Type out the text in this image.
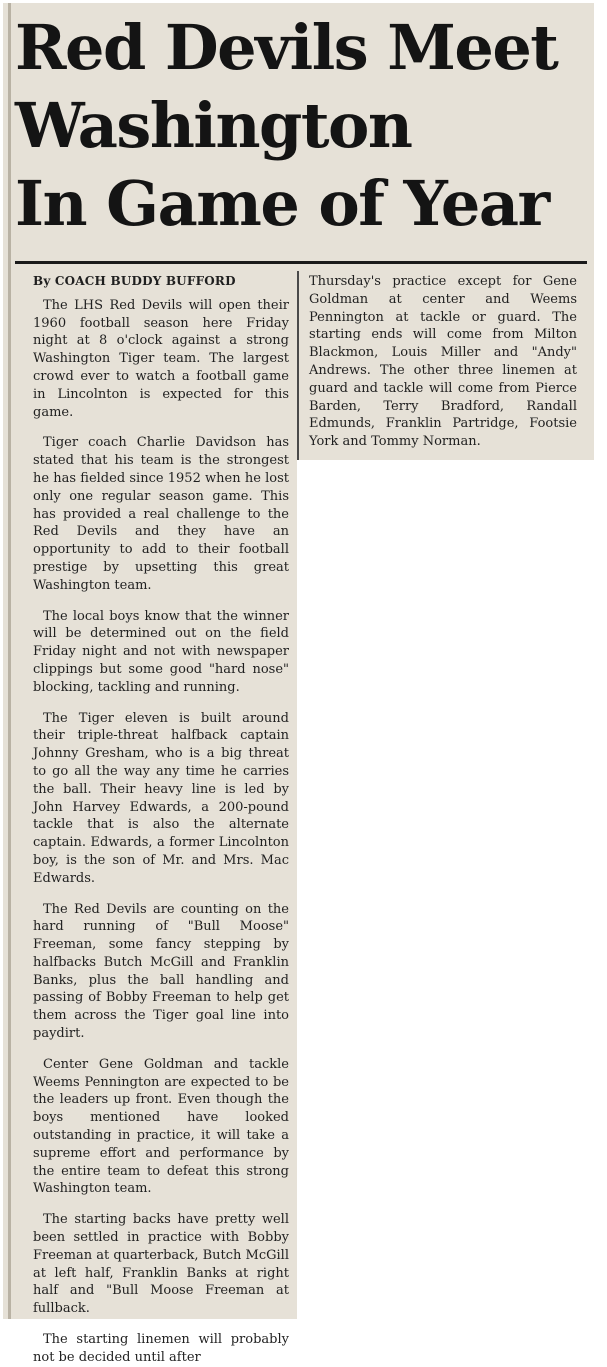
Red Devils Meet
Washington
In Game of Year

By COACH BUDDY BUFFORD

The LHS Red Devils will open their 1960 football season here Friday night at 8 o'clock against a strong Washington Tiger team. The largest crowd ever to watch a football game in Lincolnton is expected for this game.

Tiger coach Charlie Davidson has stated that his team is the strongest he has fielded since 1952 when he lost only one regular season game. This has provided a real challenge to the Red Devils and they have an opportunity to add to their football prestige by upsetting this great Washington team.

The local boys know that the winner will be determined out on the field Friday night and not with newspaper clippings but some good "hard nose" blocking, tackling and running.

The Tiger eleven is built around their triple-threat halfback captain Johnny Gresham, who is a big threat to go all the way any time he carries the ball. Their heavy line is led by John Harvey Edwards, a 200-pound tackle that is also the alternate captain. Edwards, a former Lincolnton boy, is the son of Mr. and Mrs. Mac Edwards.

The Red Devils are counting on the hard running of "Bull Moose" Freeman, some fancy stepping by halfbacks Butch McGill and Franklin Banks, plus the ball handling and passing of Bobby Freeman to help get them across the Tiger goal line into paydirt.

Center Gene Goldman and tackle Weems Pennington are expected to be the leaders up front. Even though the boys mentioned have looked outstanding in practice, it will take a supreme effort and performance by the entire team to defeat this strong Washington team.

The starting backs have pretty well been settled in practice with Bobby Freeman at quarterback, Butch McGill at left half, Franklin Banks at right half and "Bull Moose Freeman at fullback.

The starting linemen will probably not be decided until after

Thursday's practice except for Gene Goldman at center and Weems Pennington at tackle or guard. The starting ends will come from Milton Blackmon, Louis Miller and "Andy" Andrews. The other three linemen at guard and tackle will come from Pierce Barden, Terry Bradford, Randall Edmunds, Franklin Partridge, Footsie York and Tommy Norman.
